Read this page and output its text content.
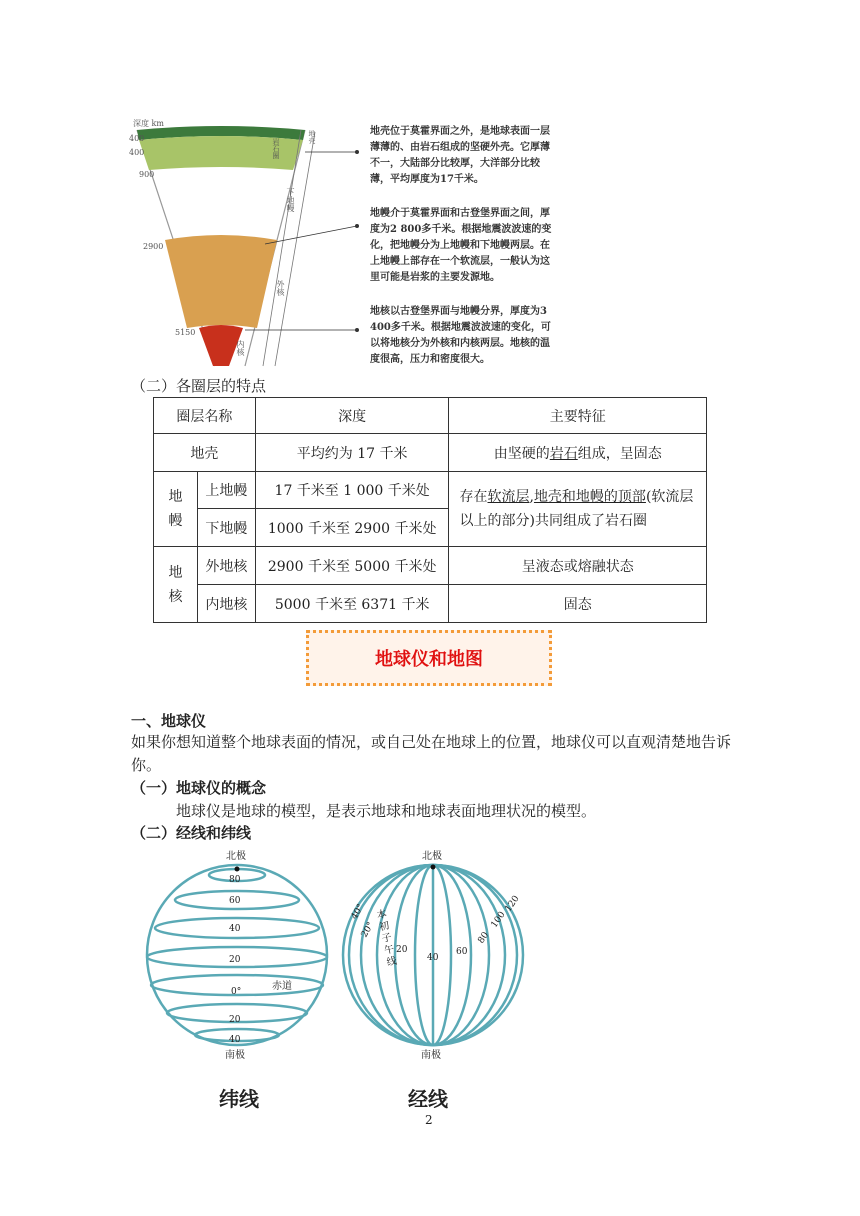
深度 km
400
400
900
2900
5150
岩石圈
下地幔
外核
内核
地壳	地壳位于莫霍界面之外，是地球表面一层薄薄的、由岩石组成的坚硬外壳。它厚薄不一，大陆部分比较厚，大洋部分比较薄，平均厚度为17千米。
地幔介于莫霍界面和古登堡界面之间，厚度为2 800多千米。根据地震波波速的变化，把地幔分为上地幔和下地幔两层。在上地幔上部存在一个软流层，一般认为这里可能是岩浆的主要发源地。
地核以古登堡界面与地幔分界，厚度为3 400多千米。根据地震波波速的变化，可以将地核分为外核和内核两层。地核的温度很高，压力和密度很大。
（二）各圈层的特点
圈层名称		深度	主要特征
地壳		平均约为 17 千米	由坚硬的岩石组成，呈固态
地幔	上地幔	17 千米至 1 000 千米处	存在软流层,地壳和地幔的顶部(软流层以上的部分)共同组成了岩石圈
	下地幔	1000 千米至 2900 千米处	
地核	外地核	2900 千米至 5000 千米处	呈液态或熔融状态
	内地核	5000 千米至 6371 千米	固态
地球仪和地图
一、地球仪
如果你想知道整个地球表面的情况，或自己处在地球上的位置，地球仪可以直观清楚地告诉你。
（一）地球仪的概念
地球仪是地球的模型，是表示地球和地球表面地理状况的模型。
（二）经线和纬线
北极
80
60
40
20
0°
20
40
赤道
南极
纬线
北极
40°
20°
20
40
60
80
100
120
本初子午线
南极
经线
2
